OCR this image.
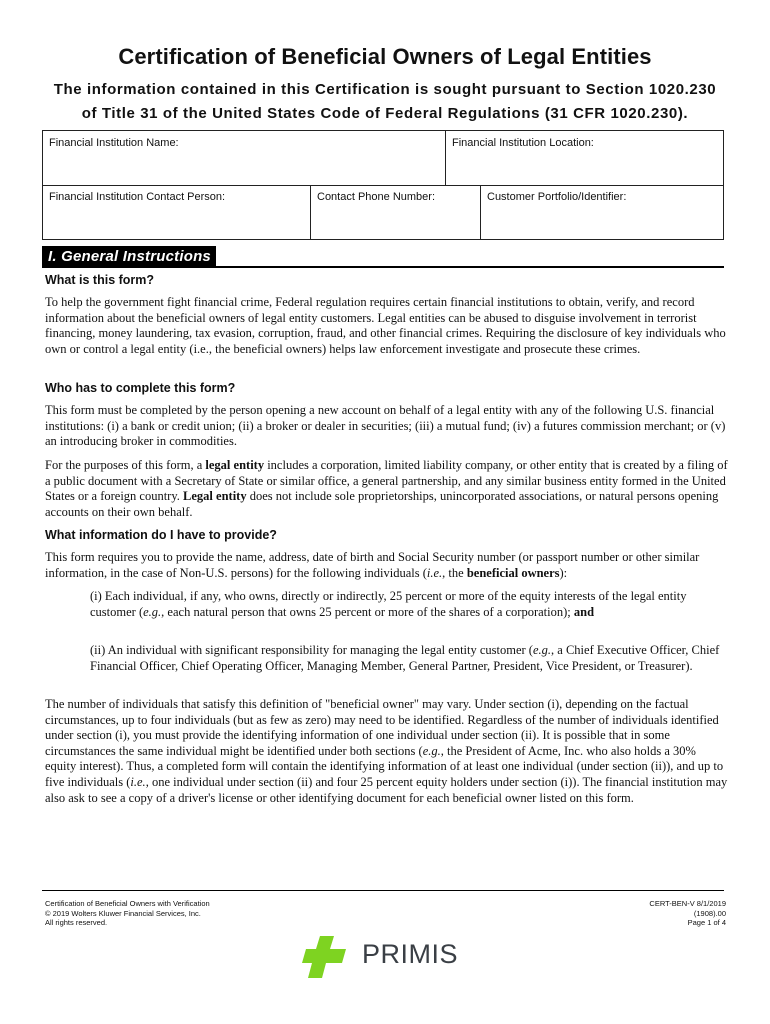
Certification of Beneficial Owners of Legal Entities
The information contained in this Certification is sought pursuant to Section 1020.230
of Title 31 of the United States Code of Federal Regulations (31 CFR 1020.230).
Financial Institution Name:	Financial Institution Location:
Financial Institution Contact Person:	Contact Phone Number:	Customer Portfolio/Identifier:
I. General Instructions
What is this form?
To help the government fight financial crime, Federal regulation requires certain financial institutions to obtain, verify, and record information about the beneficial owners of legal entity customers. Legal entities can be abused to disguise involvement in terrorist financing, money laundering, tax evasion, corruption, fraud, and other financial crimes. Requiring the disclosure of key individuals who own or control a legal entity (i.e., the beneficial owners) helps law enforcement investigate and prosecute these crimes.
Who has to complete this form?
This form must be completed by the person opening a new account on behalf of a legal entity with any of the following U.S. financial institutions: (i) a bank or credit union; (ii) a broker or dealer in securities; (iii) a mutual fund; (iv) a futures commission merchant; or (v) an introducing broker in commodities.
For the purposes of this form, a legal entity includes a corporation, limited liability company, or other entity that is created by a filing of a public document with a Secretary of State or similar office, a general partnership, and any similar business entity formed in the United States or a foreign country. Legal entity does not include sole proprietorships, unincorporated associations, or natural persons opening accounts on their own behalf.
What information do I have to provide?
This form requires you to provide the name, address, date of birth and Social Security number (or passport number or other similar information, in the case of Non-U.S. persons) for the following individuals (i.e., the beneficial owners):
(i) Each individual, if any, who owns, directly or indirectly, 25 percent or more of the equity interests of the legal entity customer (e.g., each natural person that owns 25 percent or more of the shares of a corporation); and
(ii) An individual with significant responsibility for managing the legal entity customer (e.g., a Chief Executive Officer, Chief Financial Officer, Chief Operating Officer, Managing Member, General Partner, President, Vice President, or Treasurer).
The number of individuals that satisfy this definition of "beneficial owner" may vary. Under section (i), depending on the factual circumstances, up to four individuals (but as few as zero) may need to be identified. Regardless of the number of individuals identified under section (i), you must provide the identifying information of one individual under section (ii). It is possible that in some circumstances the same individual might be identified under both sections (e.g., the President of Acme, Inc. who also holds a 30% equity interest). Thus, a completed form will contain the identifying information of at least one individual (under section (ii)), and up to five individuals (i.e., one individual under section (ii) and four 25 percent equity holders under section (i)). The financial institution may also ask to see a copy of a driver's license or other identifying document for each beneficial owner listed on this form.
Certification of Beneficial Owners with Verification
© 2019 Wolters Kluwer Financial Services, Inc.
All rights reserved.
CERT-BEN-V 8/1/2019
(1908).00
Page 1 of 4
PRIMIS
